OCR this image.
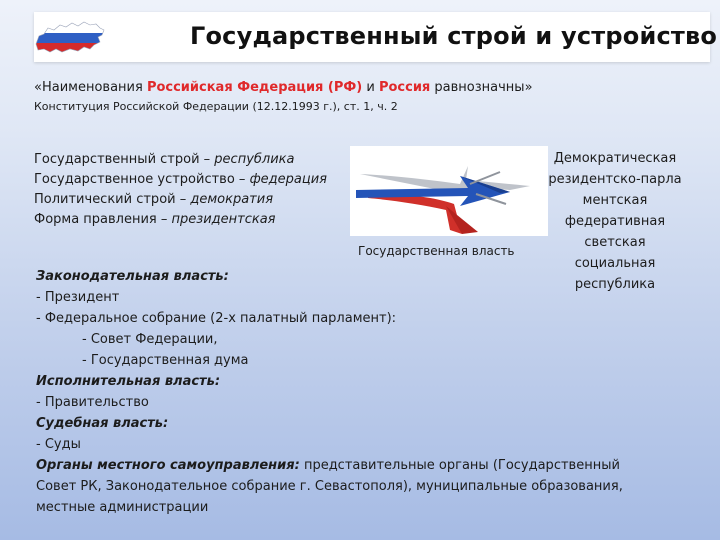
Государственный строй и устройство
«Наименования Российская Федерация (РФ) и Россия равнозначны»
Конституция Российской Федерации (12.12.1993 г.), ст. 1, ч. 2
Государственный строй – республика
Государственное устройство – федерация
Политический строй – демократия
Форма правления – президентская
Государственная власть
Демократическая
резидентско-парла
ментская
федеративная
светская
социальная
республика
Законодательная власть:
- Президент
- Федеральное собрание (2-х палатный парламент):
- Совет Федерации,
- Государственная дума
Исполнительная власть:
- Правительство
Судебная власть:
- Суды
Органы местного самоуправления: представительные органы (Государственный
Совет РК, Законодательное собрание г. Севастополя), муниципальные образования,
местные администрации
